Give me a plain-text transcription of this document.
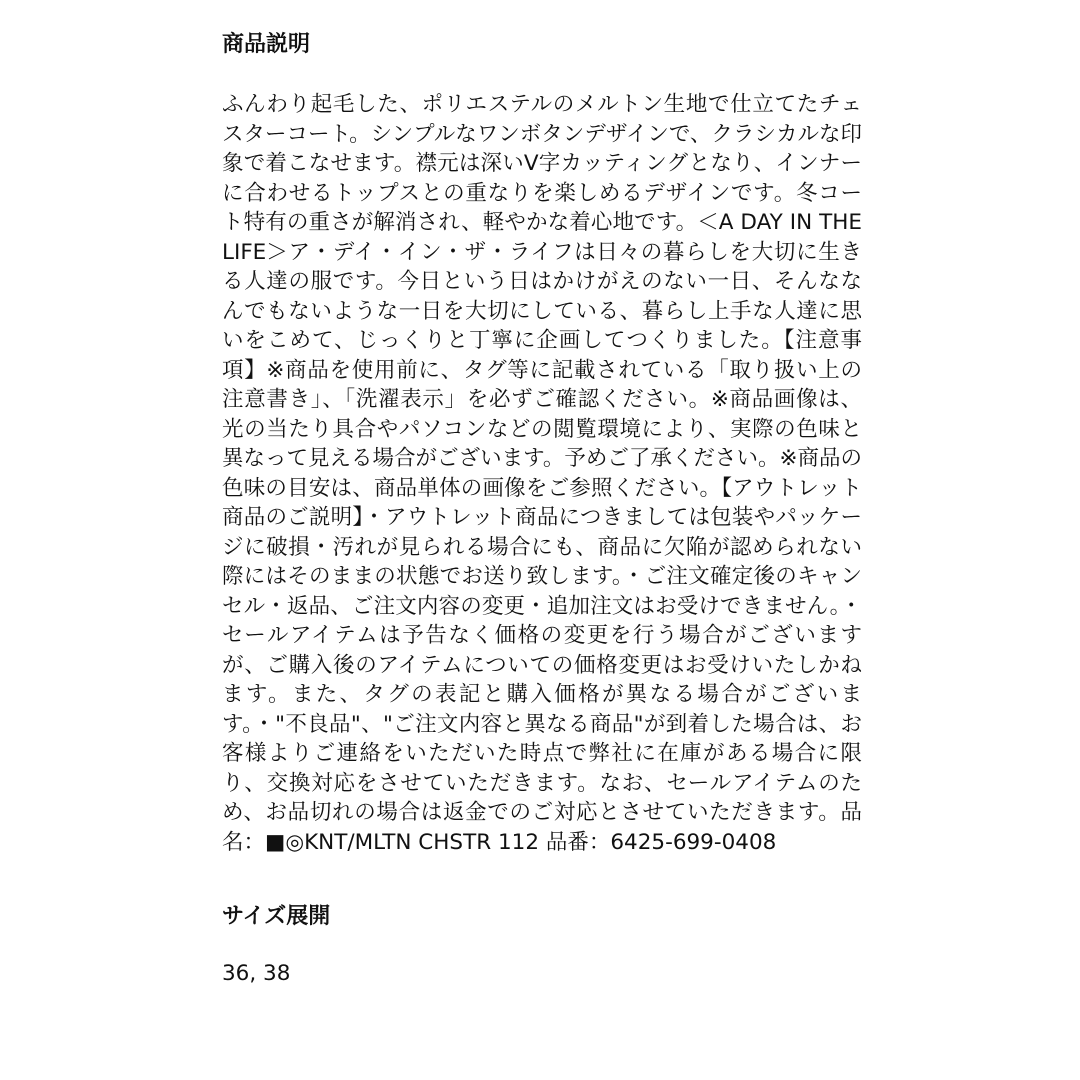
商品説明
ふんわり起毛した、ポリエステルのメルトン生地で仕立てたチェスターコート。シンプルなワンボタンデザインで、クラシカルな印象で着こなせます。襟元は深いV字カッティングとなり、インナーに合わせるトップスとの重なりを楽しめるデザインです。冬コート特有の重さが解消され、軽やかな着心地です。＜A DAY IN THE LIFE＞ア・デイ・イン・ザ・ライフは日々の暮らしを大切に生きる人達の服です。今日という日はかけがえのない一日、そんななんでもないような一日を大切にしている、暮らし上手な人達に思いをこめて、じっくりと丁寧に企画してつくりました。【注意事項】※商品を使用前に、タグ等に記載されている「取り扱い上の注意書き」、「洗濯表示」を必ずご確認ください。※商品画像は、光の当たり具合やパソコンなどの閲覧環境により、実際の色味と異なって見える場合がございます。予めご了承ください。※商品の色味の目安は、商品単体の画像をご参照ください。【アウトレット商品のご説明】・アウトレット商品につきましては包装やパッケージに破損・汚れが見られる場合にも、商品に欠陥が認められない際にはそのままの状態でお送り致します。・ご注文確定後のキャンセル・返品、ご注文内容の変更・追加注文はお受けできません。・セールアイテムは予告なく価格の変更を行う場合がございますが、ご購入後のアイテムについての価格変更はお受けいたしかねます。また、タグの表記と購入価格が異なる場合がございます。・"不良品"、"ご注文内容と異なる商品"が到着した場合は、お客様よりご連絡をいただいた時点で弊社に在庫がある場合に限り、交換対応をさせていただきます。なお、セールアイテムのため、お品切れの場合は返金でのご対応とさせていただきます。品名：■◎KNT/MLTN CHSTR 112 品番：6425-699-0408
サイズ展開
36, 38
